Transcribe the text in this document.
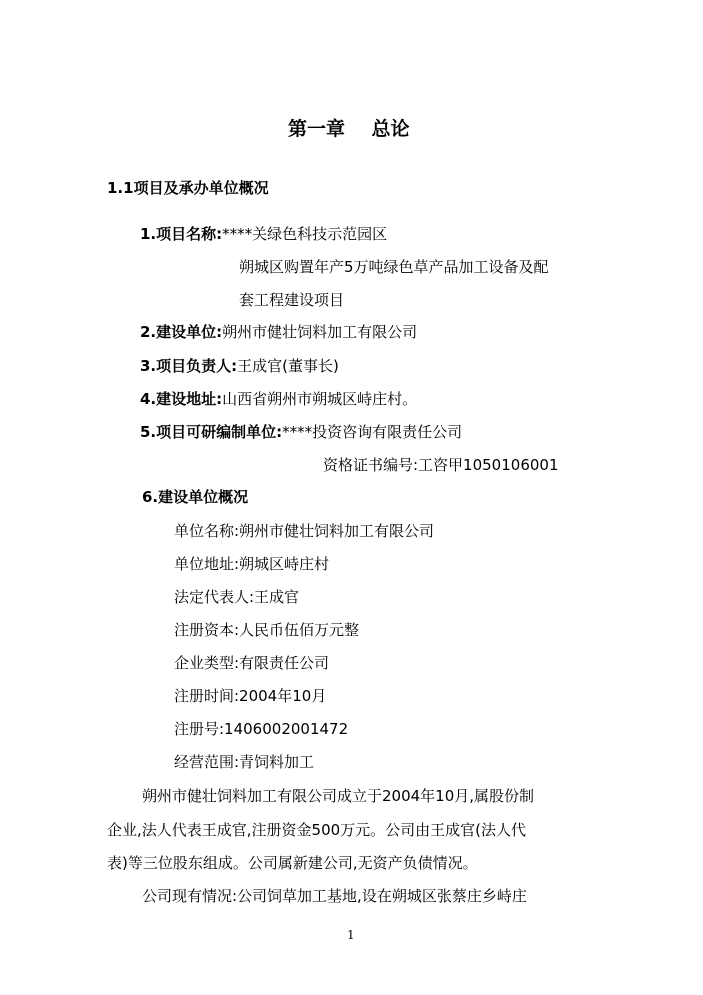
第一章    总论
1.1项目及承办单位概况
1.项目名称:****关绿色科技示范园区
朔城区购置年产5万吨绿色草产品加工设备及配
套工程建设项目
2.建设单位:朔州市健壮饲料加工有限公司
3.项目负责人:王成官(董事长)
4.建设地址:山西省朔州市朔城区峙庄村。
5.项目可研编制单位:****投资咨询有限责任公司
资格证书编号:工咨甲1050106001
6.建设单位概况
单位名称:朔州市健壮饲料加工有限公司
单位地址:朔城区峙庄村
法定代表人:王成官
注册资本:人民币伍佰万元整
企业类型:有限责任公司
注册时间:2004年10月
注册号:1406002001472
经营范围:青饲料加工
朔州市健壮饲料加工有限公司成立于2004年10月,属股份制
企业,法人代表王成官,注册资金500万元。公司由王成官(法人代
表)等三位股东组成。公司属新建公司,无资产负债情况。
公司现有情况:公司饲草加工基地,设在朔城区张蔡庄乡峙庄
1
